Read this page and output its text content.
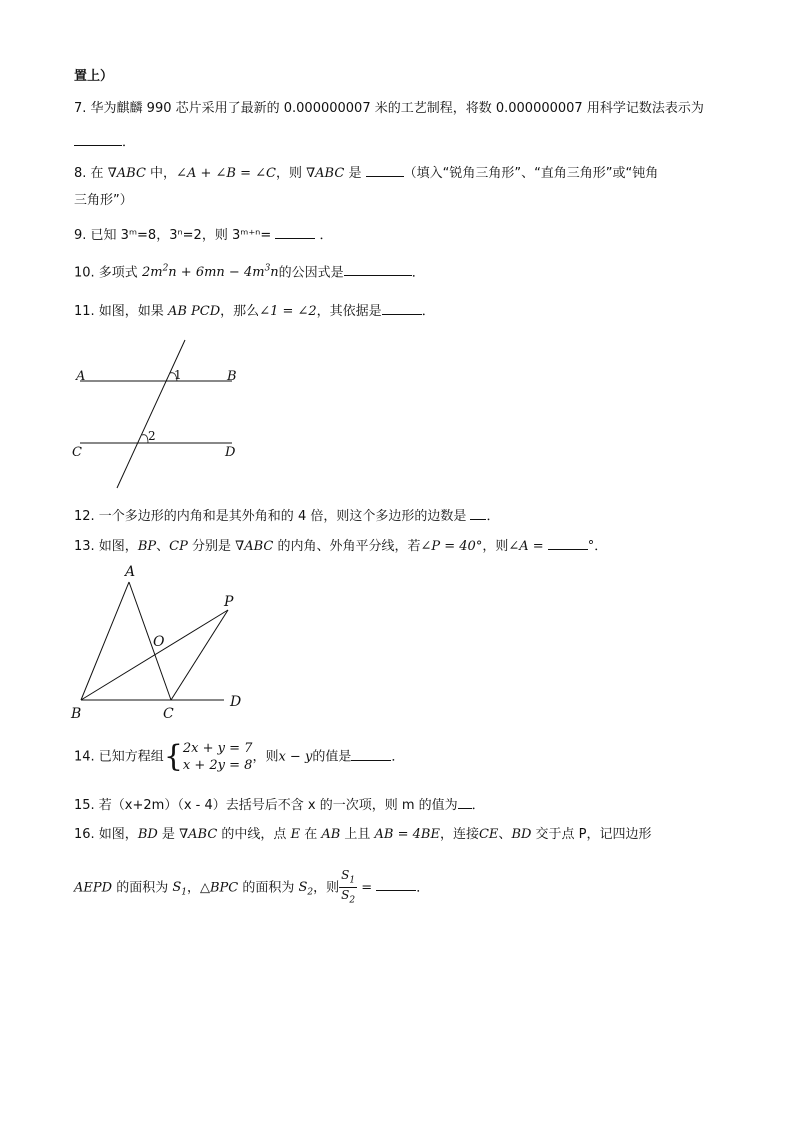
置上）
7. 华为麒麟 990 芯片采用了最新的 0.000000007 米的工艺制程，将数 0.000000007 用科学记数法表示为
．
8. 在 ∇ABC 中，∠A + ∠B = ∠C，则 ∇ABC 是	（填入“锐角三角形”、“直角三角形”或“钝角
三角形”）
9. 已知 3ᵐ=8，3ⁿ=2，则 3ᵐ⁺ⁿ=	．
10. 多项式 $2m^2n + 6mn - 4m^3n$的公因式是	．
11. 如图，如果 AB PCD，那么∠1 = ∠2，其依据是	．
A	B
C	D
1
2
12. 一个多边形的内角和是其外角和的 4 倍，则这个多边形的边数是 ．
13. 如图，BP、CP 分别是 ∇ABC 的内角、外角平分线，若∠P = 40°，则∠A =	°．
A
P
O
B	C
D
14. 已知方程组{ 2x + y = 7
x + 2y = 8
，则x − y的值是	．
15. 若（x+2m）（x - 4）去括号后不含 x 的一次项，则 m 的值为 ．
16. 如图，BD 是 ∇ABC 的中线，点 E 在 AB 上且 AB = 4BE，连接CE、BD 交于点 P，记四边形
AEPD 的面积为 $S_1$，△BPC 的面积为 $S_2$，则 $\frac{S_1}{S_2}$ =	．
